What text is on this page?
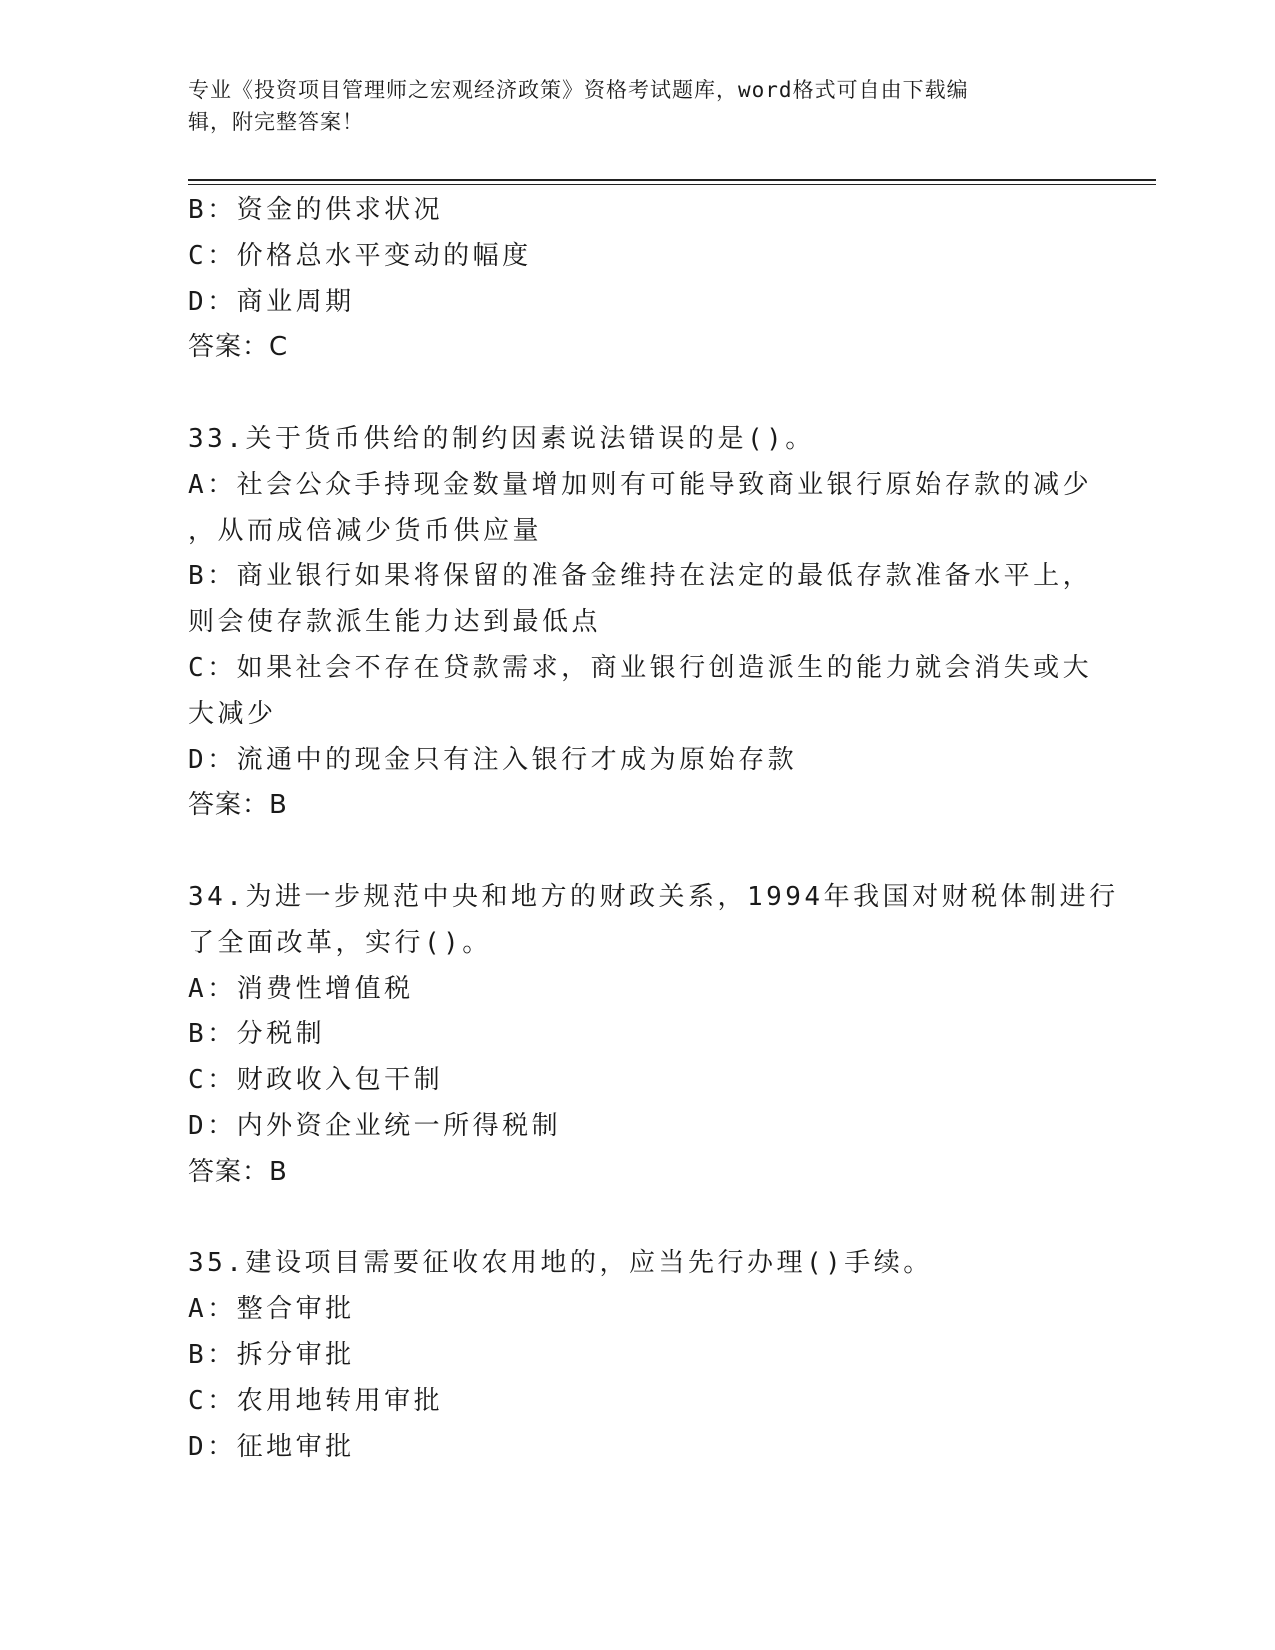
专业《投资项目管理师之宏观经济政策》资格考试题库，word格式可自由下载编
辑，附完整答案！
B：资金的供求状况
C：价格总水平变动的幅度
D：商业周期
答案：C
33.关于货币供给的制约因素说法错误的是()。
A：社会公众手持现金数量增加则有可能导致商业银行原始存款的减少
，从而成倍减少货币供应量
B：商业银行如果将保留的准备金维持在法定的最低存款准备水平上，
则会使存款派生能力达到最低点
C：如果社会不存在贷款需求，商业银行创造派生的能力就会消失或大
大减少
D：流通中的现金只有注入银行才成为原始存款
答案：B
34.为进一步规范中央和地方的财政关系，1994年我国对财税体制进行
了全面改革，实行()。
A：消费性增值税
B：分税制
C：财政收入包干制
D：内外资企业统一所得税制
答案：B
35.建设项目需要征收农用地的，应当先行办理()手续。
A：整合审批
B：拆分审批
C：农用地转用审批
D：征地审批
